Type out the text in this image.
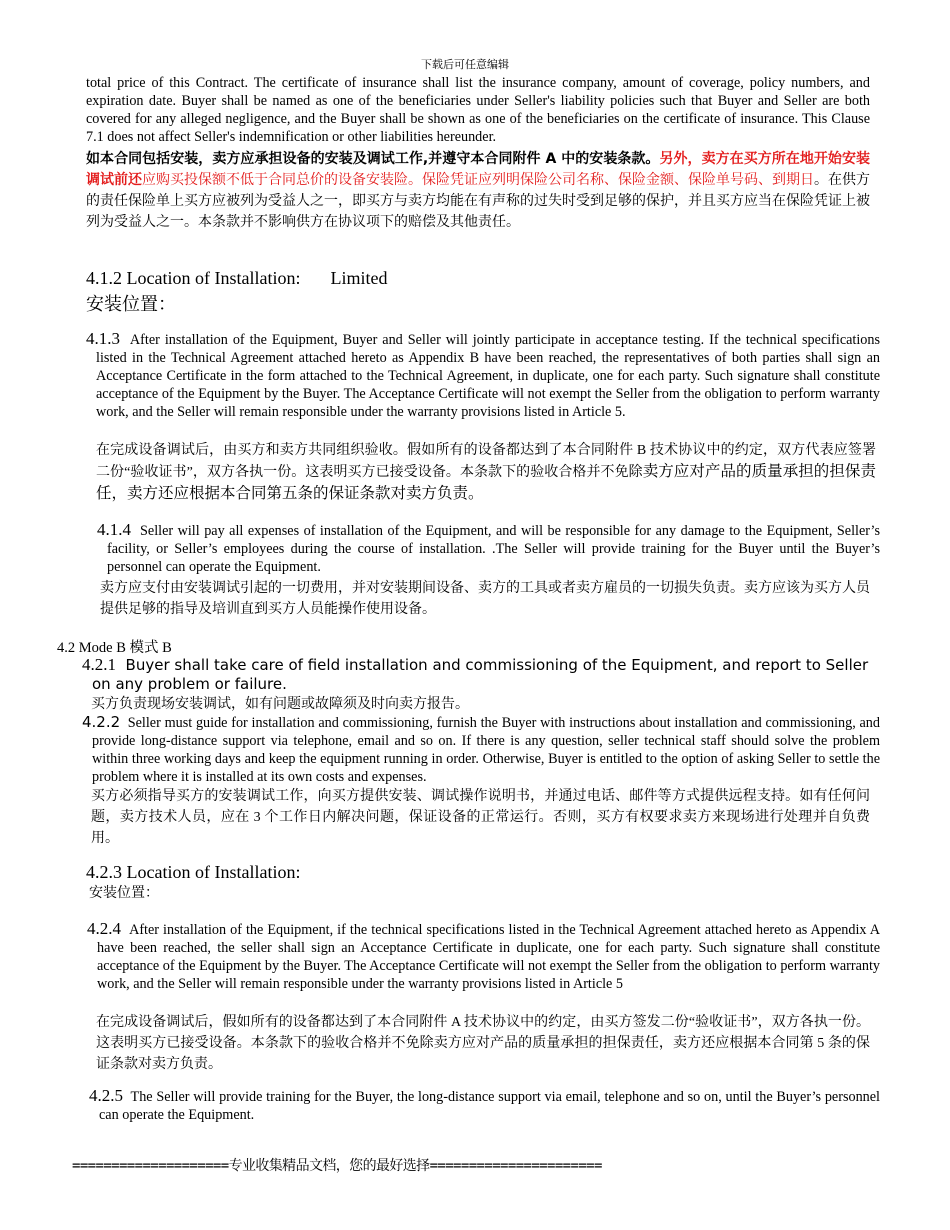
下载后可任意编辑

total price of this Contract. The certificate of insurance shall list the insurance company, amount of coverage, policy numbers, and expiration date. Buyer shall be named as one of the beneficiaries under Seller's liability policies such that Buyer and Seller are both covered for any alleged negligence, and the Buyer shall be shown as one of the beneficiaries on the certificate of insurance. This Clause 7.1 does not affect Seller's indemnification or other liabilities hereunder.

如本合同包括安装，卖方应承担设备的安装及调试工作,并遵守本合同附件 A 中的安装条款。另外，卖方在买方所在地开始安装调试前还应购买投保额不低于合同总价的设备安装险。保险凭证应列明保险公司名称、保险金额、保险单号码、到期日。在供方的责任保险单上买方应被列为受益人之一，即买方与卖方均能在有声称的过失时受到足够的保护，并且买方应当在保险凭证上被列为受益人之一。本条款并不影响供方在协议项下的赔偿及其他责任。

4.1.2 Location of Installation: Limited
安装位置：

4.1.3 After installation of the Equipment, Buyer and Seller will jointly participate in acceptance testing. If the technical specifications listed in the Technical Agreement attached hereto as Appendix B have been reached, the representatives of both parties shall sign an Acceptance Certificate in the form attached to the Technical Agreement, in duplicate, one for each party. Such signature shall constitute acceptance of the Equipment by the Buyer. The Acceptance Certificate will not exempt the Seller from the obligation to perform warranty work, and the Seller will remain responsible under the warranty provisions listed in Article 5.

在完成设备调试后，由买方和卖方共同组织验收。假如所有的设备都达到了本合同附件 B 技术协议中的约定，双方代表应签署二份“验收证书”，双方各执一份。这表明买方已接受设备。本条款下的验收合格并不免除卖方应对产品的质量承担的担保责任，卖方还应根据本合同第五条的保证条款对卖方负责。

4.1.4 Seller will pay all expenses of installation of the Equipment, and will be responsible for any damage to the Equipment, Seller’s facility, or Seller’s employees during the course of installation. .The Seller will provide training for the Buyer until the Buyer’s personnel can operate the Equipment.

卖方应支付由安装调试引起的一切费用，并对安装期间设备、卖方的工具或者卖方雇员的一切损失负责。卖方应该为买方人员提供足够的指导及培训直到买方人员能操作使用设备。

4.2 Mode B 模式 B

4.2.1 Buyer shall take care of field installation and commissioning of the Equipment, and report to Seller on any problem or failure.

买方负责现场安装调试，如有问题或故障须及时向卖方报告。

4.2.2 Seller must guide for installation and commissioning, furnish the Buyer with instructions about installation and commissioning, and provide long-distance support via telephone, email and so on. If there is any question, seller technical staff should solve the problem within three working days and keep the equipment running in order. Otherwise, Buyer is entitled to the option of asking Seller to settle the problem where it is installed at its own costs and expenses.

买方必须指导买方的安装调试工作，向买方提供安装、调试操作说明书，并通过电话、邮件等方式提供远程支持。如有任何问题，卖方技术人员，应在 3 个工作日内解决问题，保证设备的正常运行。否则，买方有权要求卖方来现场进行处理并自负费用。

4.2.3 Location of Installation:
安装位置：

4.2.4 After installation of the Equipment, if the technical specifications listed in the Technical Agreement attached hereto as Appendix A have been reached, the seller shall sign an Acceptance Certificate in duplicate, one for each party. Such signature shall constitute acceptance of the Equipment by the Buyer. The Acceptance Certificate will not exempt the Seller from the obligation to perform warranty work, and the Seller will remain responsible under the warranty provisions listed in Article 5

在完成设备调试后，假如所有的设备都达到了本合同附件 A 技术协议中的约定，由买方签发二份“验收证书”，双方各执一份。这表明买方已接受设备。本条款下的验收合格并不免除卖方应对产品的质量承担的担保责任，卖方还应根据本合同第 5 条的保证条款对卖方负责。

4.2.5 The Seller will provide training for the Buyer, the long-distance support via email, telephone and so on, until the Buyer’s personnel can operate the Equipment.

====================专业收集精品文档，您的最好选择======================
